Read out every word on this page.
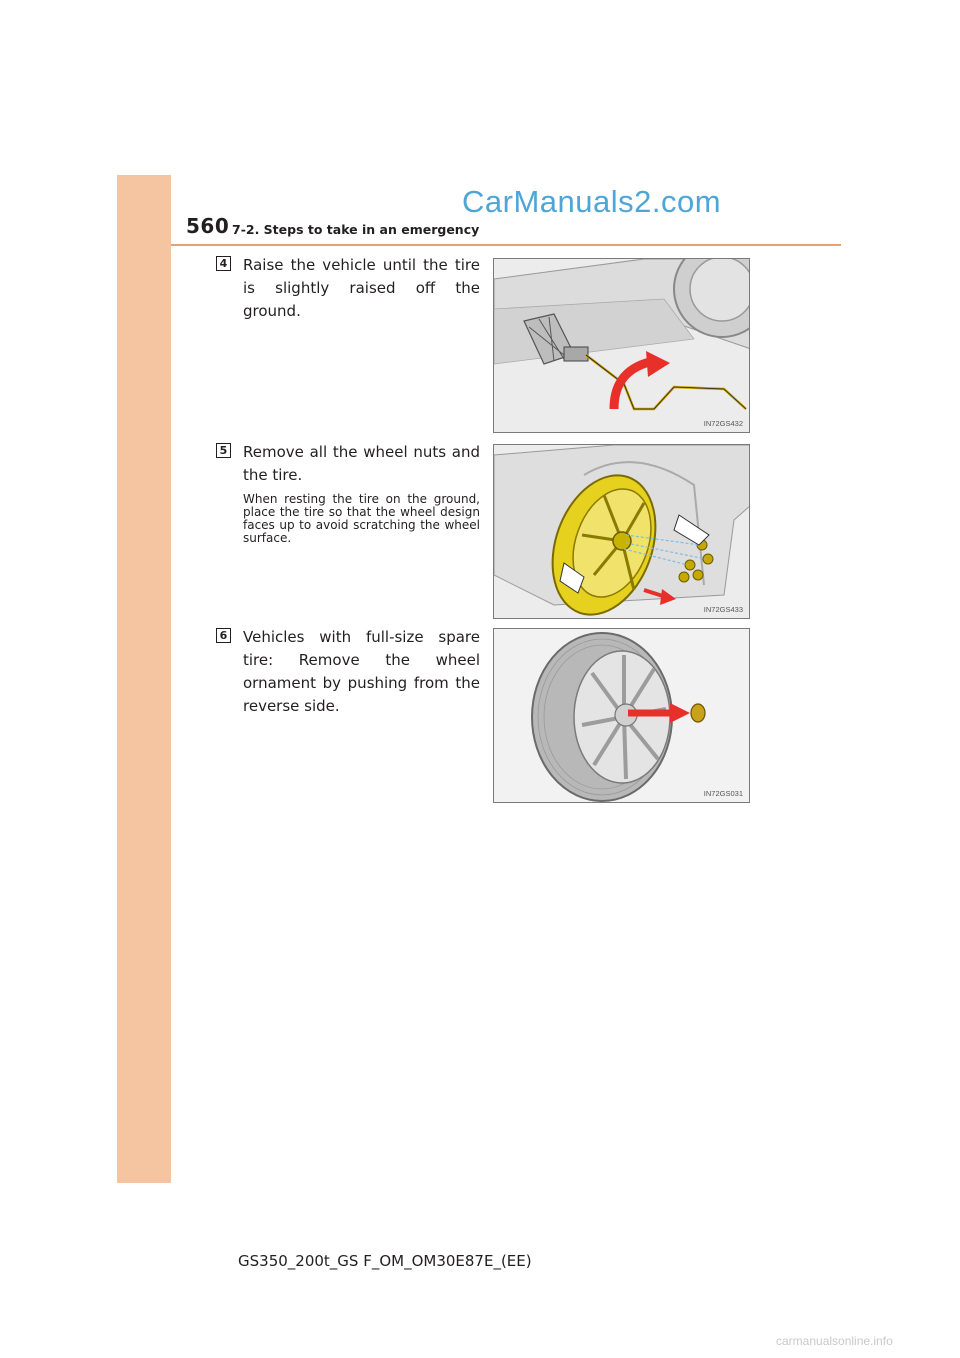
560 7-2. Steps to take in an emergency
CarManuals2.com
4 Raise the vehicle until the tire is slightly raised off the ground.
IN72GS432
5 Remove all the wheel nuts and the tire.
When resting the tire on the ground, place the tire so that the wheel design faces up to avoid scratching the wheel surface.
IN72GS433
6 Vehicles with full-size spare tire: Remove the wheel ornament by pushing from the reverse side.
IN72GS031
GS350_200t_GS F_OM_OM30E87E_(EE)
carmanualsonline.info
